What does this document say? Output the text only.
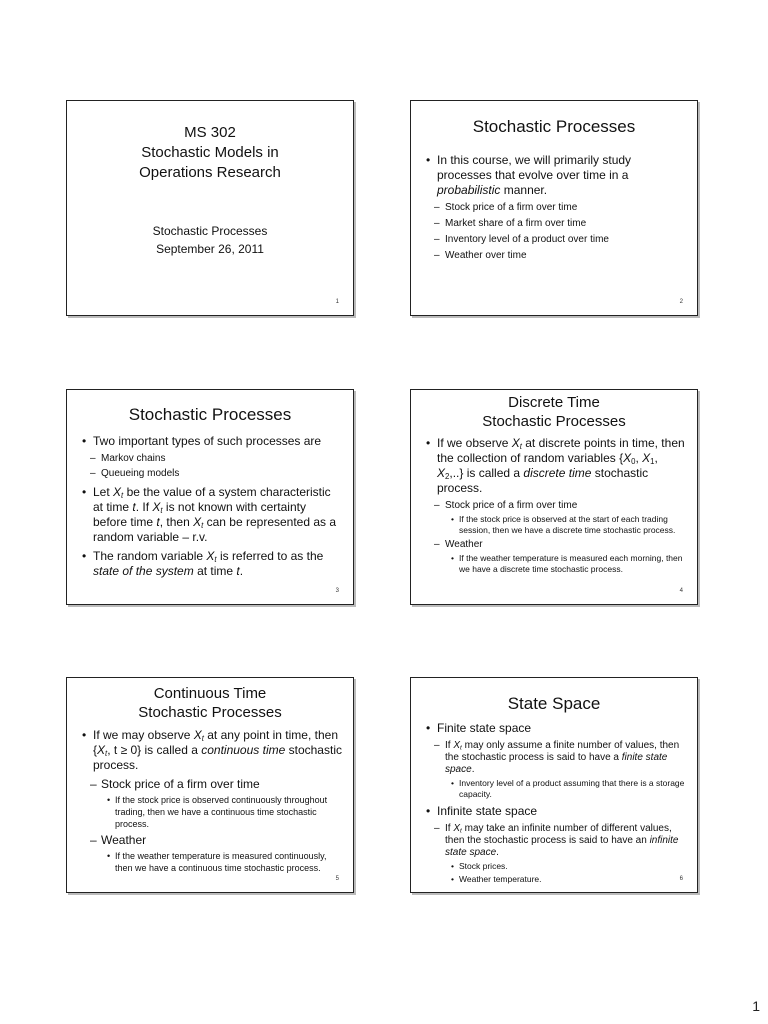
MS 302
Stochastic Models in
Operations Research
Stochastic Processes
September 26, 2011
1
Stochastic Processes
• In this course, we will primarily study processes that evolve over time in a probabilistic manner.
– Stock price of a firm over time
– Market share of a firm over time
– Inventory level of a product over time
– Weather over time
2
Stochastic Processes
• Two important types of such processes are
– Markov chains
– Queueing models
• Let $X_t$ be the value of a system characteristic at time t. If $X_t$ is not known with certainty before time t, then $X_t$ can be represented as a random variable – r.v.
• The random variable $X_t$ is referred to as the state of the system at time t.
3
Discrete Time
Stochastic Processes
• If we observe $X_t$ at discrete points in time, then the collection of random variables {$X_0$, $X_1$, $X_2$,..} is called a discrete time stochastic process.
– Stock price of a firm over time
• If the stock price is observed at the start of each trading session, then we have a discrete time stochastic process.
– Weather
• If the weather temperature is measured each morning, then we have a discrete time stochastic process.
4
Continuous Time
Stochastic Processes
• If we may observe $X_t$ at any point in time, then {$X_t$, t ≥ 0} is called a continuous time stochastic process.
– Stock price of a firm over time
• If the stock price is observed continuously throughout trading, then we have a continuous time stochastic process.
– Weather
• If the weather temperature is measured continuously, then we have a continuous time stochastic process.
5
State Space
• Finite state space
– If $X_t$ may only assume a finite number of values, then the stochastic process is said to have a finite state space.
• Inventory level of a product assuming that there is a storage capacity.
• Infinite state space
– If $X_t$ may take an infinite number of different values, then the stochastic process is said to have an infinite state space.
• Stock prices.
• Weather temperature.	6
1
